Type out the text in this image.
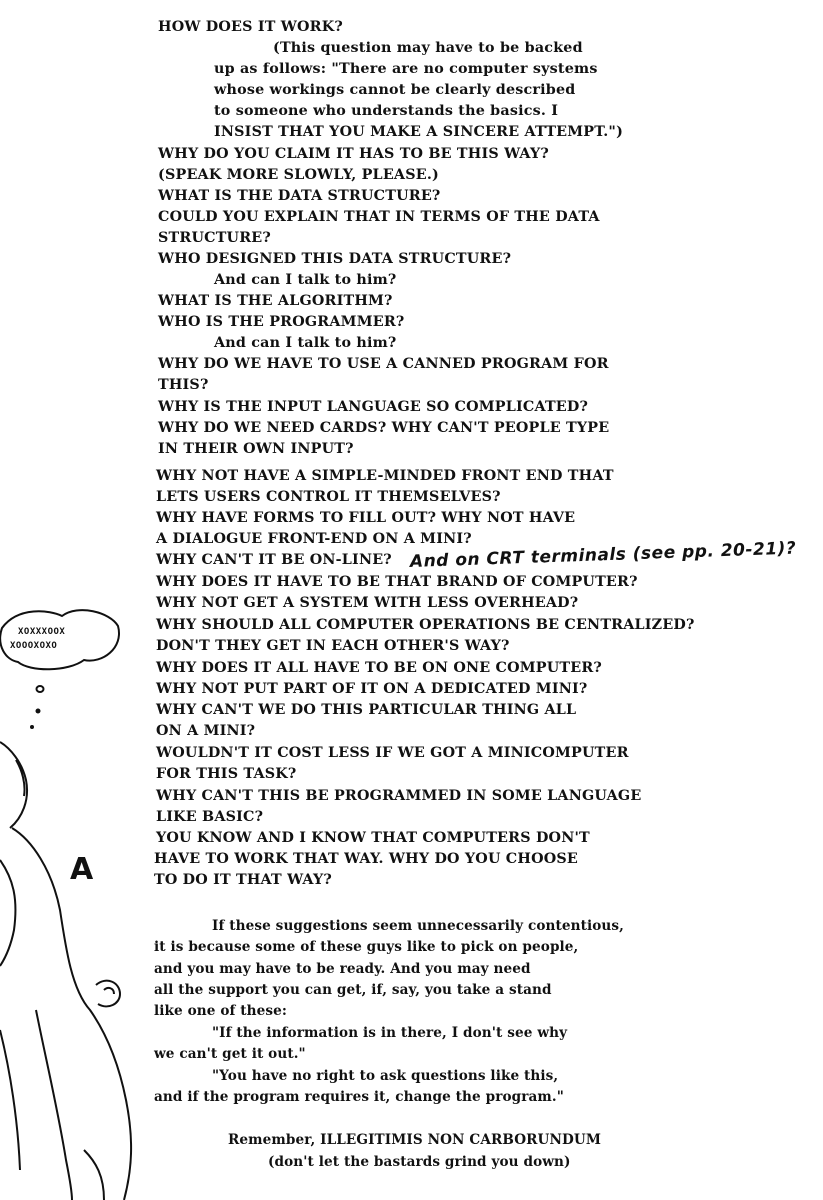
XOXXXOOX
XOOOXOXO
A
HOW DOES IT WORK?
(This question may have to be backed
up as follows: "There are no computer systems
whose workings cannot be clearly described
to someone who understands the basics. I
INSIST THAT YOU MAKE A SINCERE ATTEMPT.")
WHY DO YOU CLAIM IT HAS TO BE THIS WAY?
(SPEAK MORE SLOWLY, PLEASE.)
WHAT IS THE DATA STRUCTURE?
COULD YOU EXPLAIN THAT IN TERMS OF THE DATA
STRUCTURE?
WHO DESIGNED THIS DATA STRUCTURE?
And can I talk to him?
WHAT IS THE ALGORITHM?
WHO IS THE PROGRAMMER?
And can I talk to him?
WHY DO WE HAVE TO USE A CANNED PROGRAM FOR
THIS?
WHY IS THE INPUT LANGUAGE SO COMPLICATED?
WHY DO WE NEED CARDS? WHY CAN'T PEOPLE TYPE
IN THEIR OWN INPUT?
WHY NOT HAVE A SIMPLE-MINDED FRONT END THAT
LETS USERS CONTROL IT THEMSELVES?
WHY HAVE FORMS TO FILL OUT? WHY NOT HAVE
A DIALOGUE FRONT-END ON A MINI?
WHY CAN'T IT BE ON-LINE? And on CRT terminals (see pp. 20-21)?
WHY DOES IT HAVE TO BE THAT BRAND OF COMPUTER?
WHY NOT GET A SYSTEM WITH LESS OVERHEAD?
WHY SHOULD ALL COMPUTER OPERATIONS BE CENTRALIZED?
DON'T THEY GET IN EACH OTHER'S WAY?
WHY DOES IT ALL HAVE TO BE ON ONE COMPUTER?
WHY NOT PUT PART OF IT ON A DEDICATED MINI?
WHY CAN'T WE DO THIS PARTICULAR THING ALL
ON A MINI?
WOULDN'T IT COST LESS IF WE GOT A MINICOMPUTER
FOR THIS TASK?
WHY CAN'T THIS BE PROGRAMMED IN SOME LANGUAGE
LIKE BASIC?
YOU KNOW AND I KNOW THAT COMPUTERS DON'T
HAVE TO WORK THAT WAY. WHY DO YOU CHOOSE
TO DO IT THAT WAY?
If these suggestions seem unnecessarily contentious,
it is because some of these guys like to pick on people,
and you may have to be ready. And you may need
all the support you can get, if, say, you take a stand
like one of these:
"If the information is in there, I don't see why
we can't get it out."
"You have no right to ask questions like this,
and if the program requires it, change the program."
Remember, ILLEGITIMIS NON CARBORUNDUM
(don't let the bastards grind you down)
